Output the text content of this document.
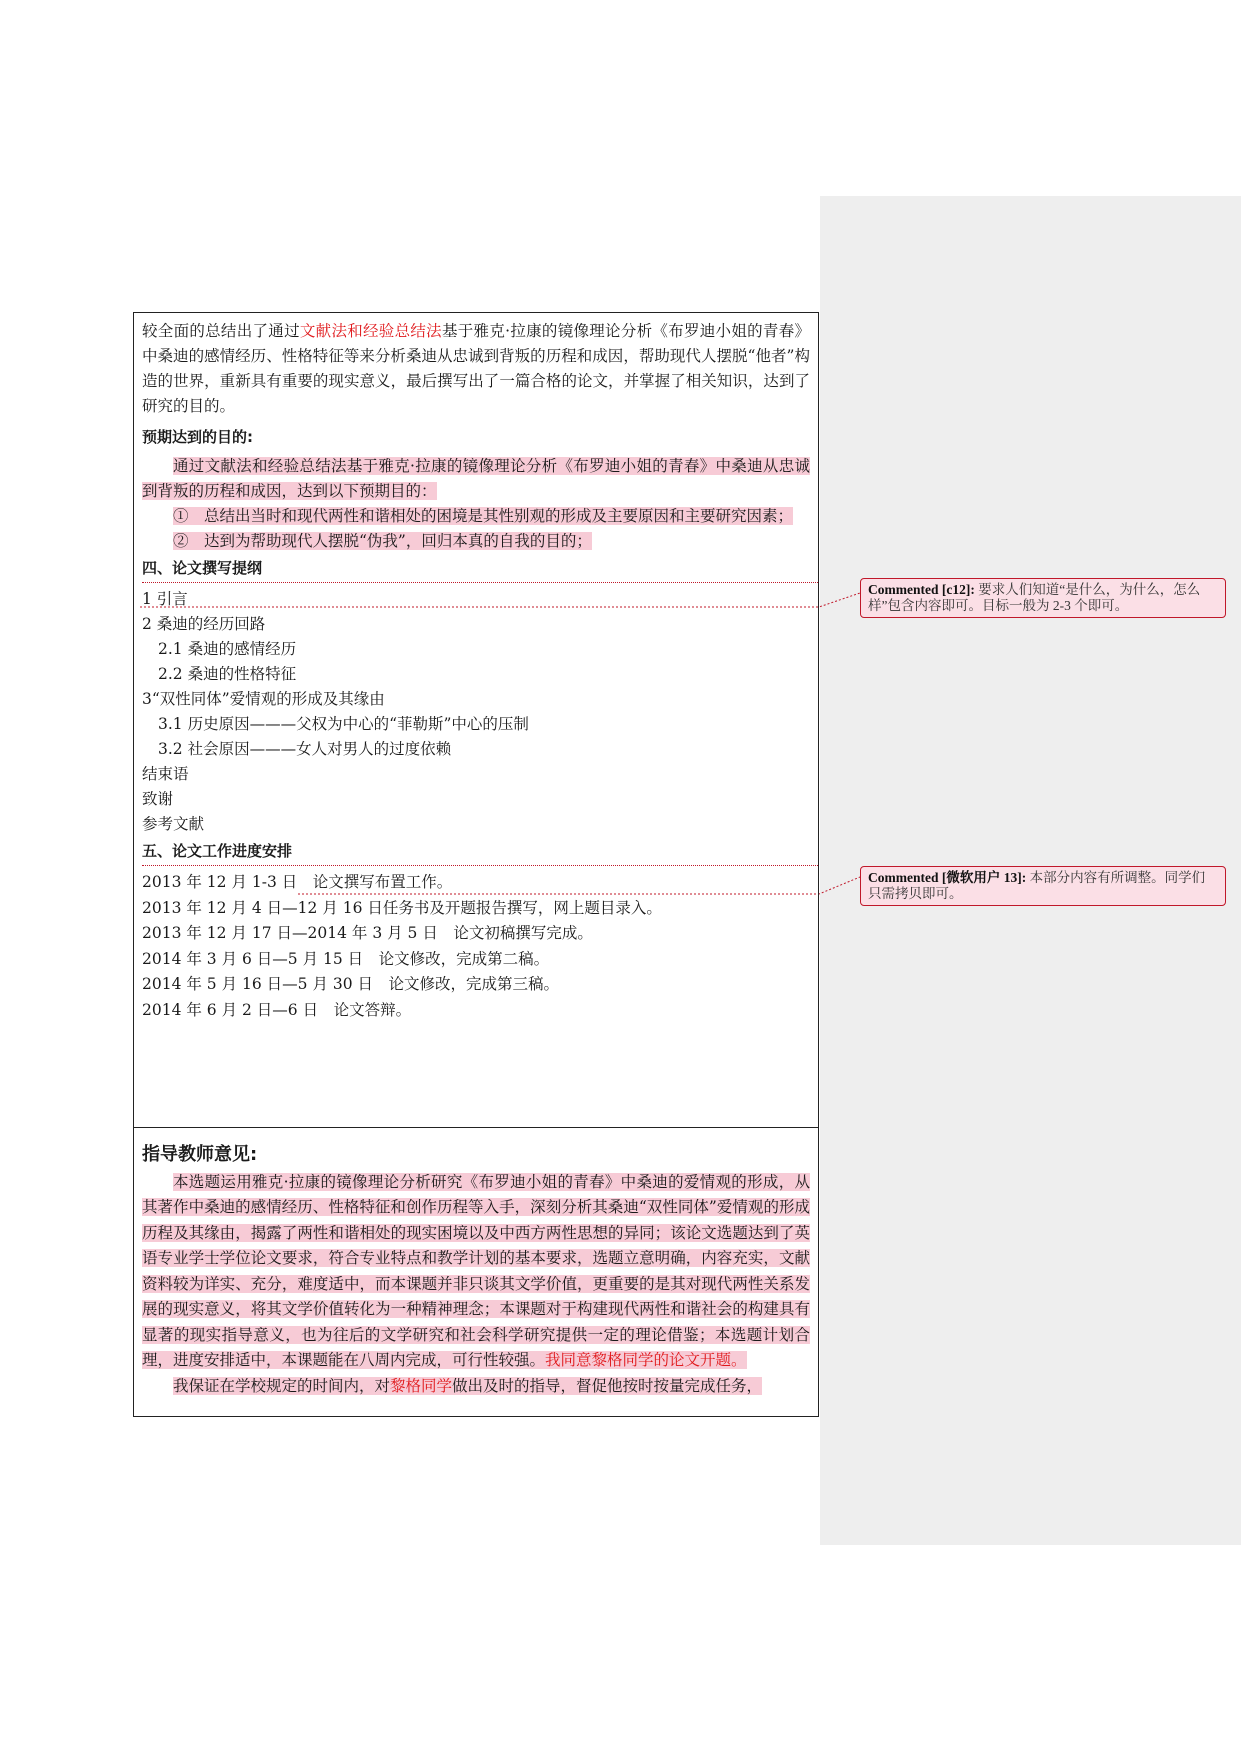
较全面的总结出了通过文献法和经验总结法基于雅克·拉康的镜像理论分析《布罗迪小姐的青春》中桑迪的感情经历、性格特征等来分析桑迪从忠诚到背叛的历程和成因，帮助现代人摆脱“他者”构造的世界，重新具有重要的现实意义，最后撰写出了一篇合格的论文，并掌握了相关知识，达到了研究的目的。

预期达到的目的:

通过文献法和经验总结法基于雅克·拉康的镜像理论分析《布罗迪小姐的青春》中桑迪从忠诚到背叛的历程和成因，达到以下预期目的：

①　总结出当时和现代两性和谐相处的困境是其性别观的形成及主要原因和主要研究因素；

②　达到为帮助现代人摆脱“伪我”，回归本真的自我的目的；

四、论文撰写提纲

1 引言

2 桑迪的经历回路

2.1 桑迪的感情经历

2.2 桑迪的性格特征

3“双性同体”爱情观的形成及其缘由

3.1 历史原因———父权为中心的“菲勒斯”中心的压制

3.2 社会原因———女人对男人的过度依赖

结束语

致谢

参考文献

五、论文工作进度安排

2013 年 12 月 1-3 日　论文撰写布置工作。

2013 年 12 月 4 日—12 月 16 日任务书及开题报告撰写，网上题目录入。

2013 年 12 月 17 日—2014 年 3 月 5 日　论文初稿撰写完成。

2014 年 3 月 6 日—5 月 15 日　论文修改，完成第二稿。

2014 年 5 月 16 日—5 月 30 日　论文修改，完成第三稿。

2014 年 6 月 2 日—6 日　论文答辩。

指导教师意见:

本选题运用雅克·拉康的镜像理论分析研究《布罗迪小姐的青春》中桑迪的爱情观的形成，从其著作中桑迪的感情经历、性格特征和创作历程等入手，深刻分析其桑迪“双性同体”爱情观的形成历程及其缘由，揭露了两性和谐相处的现实困境以及中西方两性思想的异同；该论文选题达到了英语专业学士学位论文要求，符合专业特点和教学计划的基本要求，选题立意明确，内容充实，文献资料较为详实、充分，难度适中，而本课题并非只谈其文学价值，更重要的是其对现代两性关系发展的现实意义，将其文学价值转化为一种精神理念；本课题对于构建现代两性和谐社会的构建具有显著的现实指导意义，也为往后的文学研究和社会科学研究提供一定的理论借鉴；本选题计划合理，进度安排适中，本课题能在八周内完成，可行性较强。我同意黎格同学的论文开题。

我保证在学校规定的时间内，对黎格同学做出及时的指导，督促他按时按量完成任务，

Commented [c12]: 要求人们知道“是什么，为什么，怎么样”包含内容即可。目标一般为 2-3 个即可。
Commented [微软用户 13]: 本部分内容有所调整。同学们只需拷贝即可。
